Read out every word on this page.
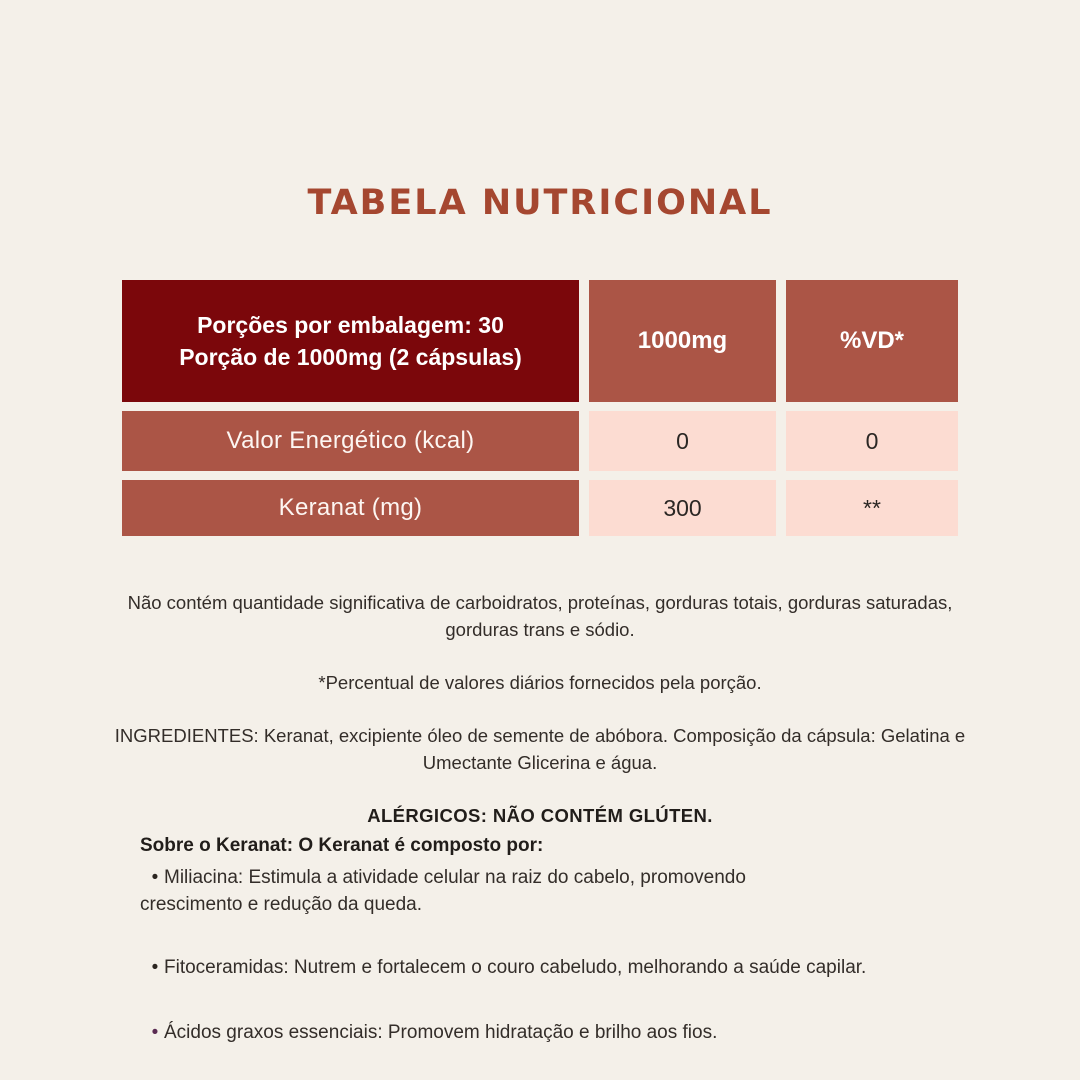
TABELA NUTRICIONAL
Porções por embalagem: 30
Porção de 1000mg (2 cápsulas)
1000mg	%VD*
Valor Energético (kcal)	0	0
Keranat (mg)	300	**

Não contém quantidade significativa de carboidratos, proteínas, gorduras totais, gorduras saturadas, gorduras trans e sódio.

*Percentual de valores diários fornecidos pela porção.

INGREDIENTES: Keranat, excipiente óleo de semente de abóbora. Composição da cápsula: Gelatina e Umectante Glicerina e água.

ALÉRGICOS: NÃO CONTÉM GLÚTEN.

Sobre o Keranat: O Keranat é composto por:
• Miliacina: Estimula a atividade celular na raiz do cabelo, promovendo crescimento e redução da queda.
• Fitoceramidas: Nutrem e fortalecem o couro cabeludo, melhorando a saúde capilar.
• Ácidos graxos essenciais: Promovem hidratação e brilho aos fios.
